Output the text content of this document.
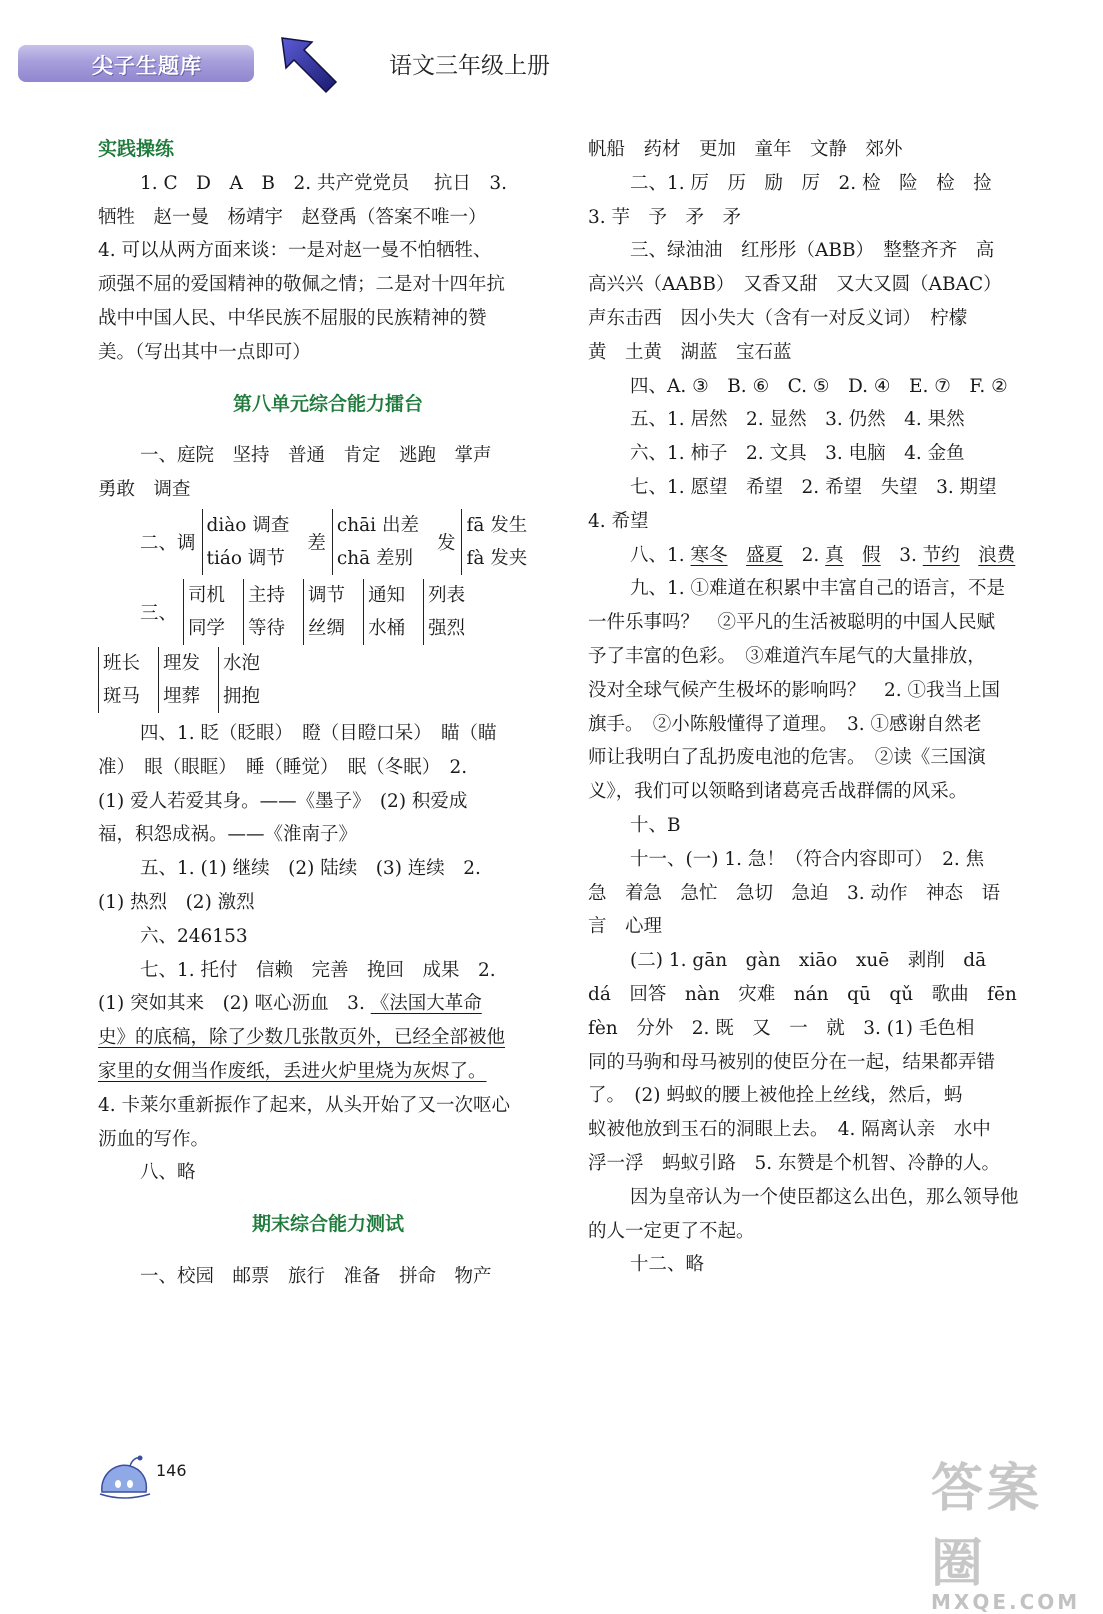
尖子生题库	语文三年级上册
实践操练
1. C　D　A　B　2. 共产党党员　 抗日　3.
牺牲　赵一曼　杨靖宇　赵登禹（答案不唯一）
4. 可以从两方面来谈：一是对赵一曼不怕牺牲、
顽强不屈的爱国精神的敬佩之情；二是对十四年抗
战中中国人民、中华民族不屈服的民族精神的赞
美。（写出其中一点即可）
第八单元综合能力擂台
一、庭院　坚持　普通　肯定　逃跑　掌声
勇敢　调查
二、调
diào 调查
tiáo 调节
差
chāi 出差
chā 差别
发
fā 发生
fà 发夹
三、
司机
同学
主持
等待
调节
丝绸
通知
水桶
列表
强烈
班长
斑马
理发
埋葬
水泡
拥抱
四、1. 眨（眨眼）　瞪（目瞪口呆）　瞄（瞄
准）　眼（眼眶）　睡（睡觉）　眠（冬眠）　2.
(1) 爱人若爱其身。——《墨子》　(2) 积爱成
福，积怨成祸。——《淮南子》
五、1. (1) 继续　(2) 陆续　(3) 连续　2.
(1) 热烈　(2) 激烈
六、246153
七、1. 托付　信赖　完善　挽回　成果　2.
(1) 突如其来　(2) 呕心沥血　3. 《法国大革命
史》的底稿，除了少数几张散页外，已经全部被他
家里的女佣当作废纸，丢进火炉里烧为灰烬了。
4. 卡莱尔重新振作了起来，从头开始了又一次呕心
沥血的写作。
八、略
期末综合能力测试
一、校园　邮票　旅行　准备　拼命　物产
帆船　药材　更加　童年　文静　郊外
二、1. 厉　历　励　厉　2. 检　险　检　捡
3. 芋　予　矛　矛
三、绿油油　红彤彤（ABB）　整整齐齐　高
高兴兴（AABB）　又香又甜　又大又圆（ABAC）
声东击西　因小失大（含有一对反义词）　柠檬
黄　土黄　湖蓝　宝石蓝
四、A. ③　B. ⑥　C. ⑤　D. ④　E. ⑦　F. ②
五、1. 居然　2. 显然　3. 仍然　4. 果然
六、1. 柿子　2. 文具　3. 电脑　4. 金鱼
七、1. 愿望　希望　2. 希望　失望　3. 期望
4. 希望
八、1. 寒冬　 盛夏　2. 真　 假　3. 节约　 浪费
九、1. ①难道在积累中丰富自己的语言，不是
一件乐事吗？　②平凡的生活被聪明的中国人民赋
予了丰富的色彩。　③难道汽车尾气的大量排放，
没对全球气候产生极坏的影响吗？　2. ①我当上国
旗手。　②小陈般懂得了道理。　3. ①感谢自然老
师让我明白了乱扔废电池的危害。　②读《三国演
义》，我们可以领略到诸葛亮舌战群儒的风采。
十、B
十一、(一) 1. 急！（符合内容即可）　2. 焦
急　着急　急忙　急切　急迫　3. 动作　神态　语
言　心理
(二) 1. gān　gàn　xiāo　xuē　剥削　dā
dá　回答　nàn　灾难　nán　qū　qǔ　歌曲　fēn
fèn　分外　2. 既　又　一　就　3. (1) 毛色相
同的马驹和母马被别的使臣分在一起，结果都弄错
了。　(2) 蚂蚁的腰上被他拴上丝线，然后，蚂
蚁被他放到玉石的洞眼上去。　4. 隔离认亲　水中
浮一浮　蚂蚁引路　5. 东赞是个机智、冷静的人。
因为皇帝认为一个使臣都这么出色，那么领导他
的人一定更了不起。
十二、略
146	答案圈
MXQE.COM
